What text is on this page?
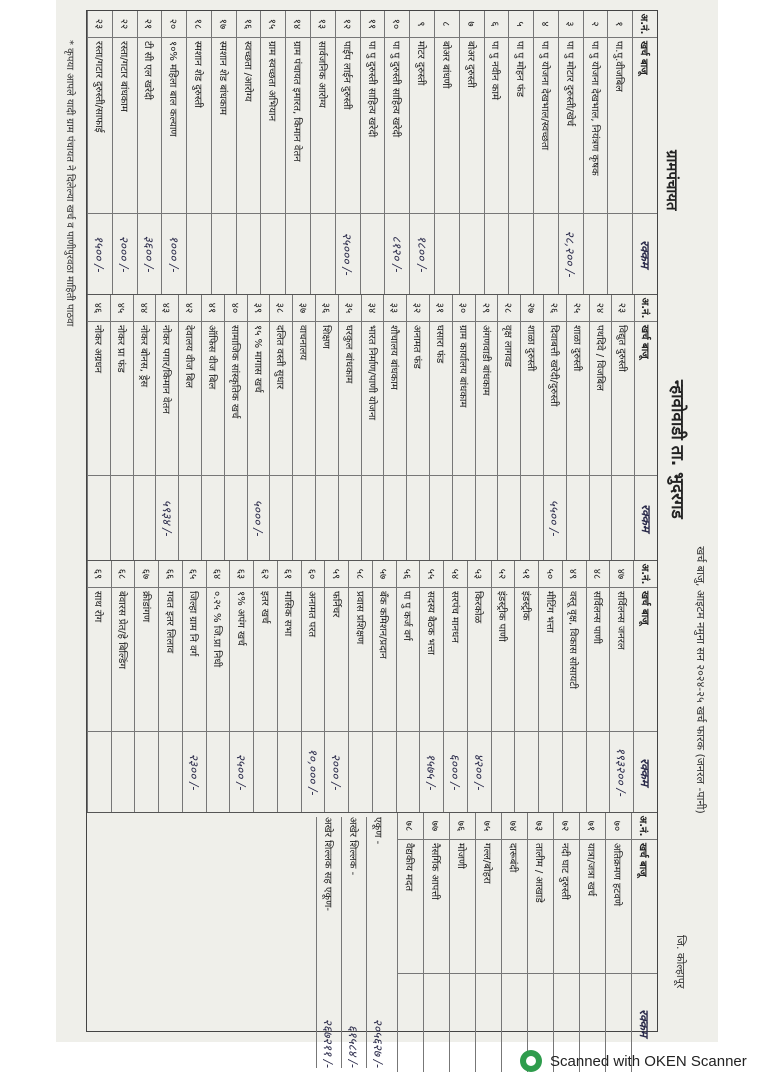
खर्च बाजु, आइटम नमुना सन २०२४-२५ खर्च फारक (जनरल -पानी)
ग्रामपंचायत
न्हावोवाडी ता. भुदरगड
जि. कोल्हापूर
अ.नं.
खर्च बाजू
रक्कम
१
पा.पु.वीजबिल
२
पा पु योजना देखभाल, नियंत्रण कृषक
३
पा पु मोटार दुरुस्ती/खेर्च
२८,२०० /-
४
पा पु योजना देखभाल/स्वच्छता
५
पा पु मोहन फंड
६
पा पु नवीन कामे
७
बोअर दुरुस्ती
८
बोअर बांधणी
९
मोटर दुरुस्ती
१८०० /-
१०
पा पु दुरुस्ती साहित्य खरेदी
८१२० /-
११
पा पु दुरुस्ती साहित्य खरेदी
१२
पाईप लाईन दुरुस्ती
२५००० /-
१३
सार्वजनिक आरोग्य
१४
ग्राम पंचायत इमारत, किमान वेतन
१५
ग्राम स्वच्छता अभियान
१६
स्वच्छता /आरोग्य
१७
स्मशान शेड बांधकाम
१८
स्मशान शेड दुरुस्ती
२०
१०% महिला बाल कल्याण
१००० /-
२१
टी सी एल खरेदी
३६०० /-
२२
रस्ता/गटार बांधकाम
२००० /-
२३
रस्ता/गटार दुरुस्ती/साफाई
१५०० /-
अ.नं.
खर्च बाजू
रक्कम
२३
विद्युत दुरुस्ती
२४
पथदिवे / विजबिल
२५
शाळा दुरुस्ती
२६
दिवाबत्ती खरेदी/दुरुस्ती
५५०० /-
२७
शाळा दुरुस्ती
२८
वृक्ष लागवड
२९
अंगणवाडी बांधकाम
३०
ग्राम कार्यालय बांधकाम
३१
घसारा फंड
३२
अनामत फंड
३३
शौचालय बांधकाम
३४
भारत निर्माण/पाणी योजना
३५
घरकुल बांधकाम
३६
शिक्षण
३७
वाचनालय
३८
दलित वस्ती सुधार
३९
१५ % मागास खर्च
५००० /-
४०
सामाजिक सांस्कृतिक खर्च
४१
ऑफिस वीज बिल
४२
देवालय वीज बिल
४३
नोकर पगार/किमान वेतन
५९३४ /-
४४
नोकर बोनस, ड्रेस
४५
नोकर प्रा फंड
४६
नोकर अग्रधन
अ.नं.
खर्च बाजू
रक्कम
४७
सर्विलन्स जनरल
१९३२०० /-
४८
सर्विलन्स पाणी
४९
वस्तू वृक्ष, विकास सोसायटी
५०
मीटिंग भत्ता
५१
इंडस्ट्रीक
५२
इंडस्ट्रीक पाणी
५३
किरकोळ
४२०० /-
५४
सरपंच मानधन
६००० /-
५५
सदस्य बैठक भत्ता
१५७५ /-
५६
पा पु कर्ज वर्ग
५७
बँक कमिशन/प्रदान
५८
प्रवास प्रशिक्षण
५९
फर्निचर
२००० /-
६०
अनामत परत
१०,००० /-
६१
मासिक सभा
६२
इतर खर्च
६३
१% अपंग खर्च
२५०० /-
६४
०.२५ % जि.प्रा निधी
६५
जिल्हा ग्राम नि वर्ग
२३०० /-
६६
गवत इतर लिलाव
६७
क्रीडांगण
६८
बेवारस प्रेत/हे बिल्डिंग
६९
साथ रोग
अ.नं.
खर्च बाजू
रक्कम
७०
अतिक्रमण हटवणे
७१
यात्रा/जत्रा खर्च
७२
नदी घाट दुरुस्ती
७३
तालीम / आखाडे
७४
दारूबंदी
७५
गल्ल/बोहरा
७६
मोजणी
७७
नैसर्गिक आपत्ती
७८
वैद्यकीय मदत
एकूण -
२०५६२७ /-
अखेर शिल्लक -
६१५८४ /-
अखेर शिल्लक सह एकूण-
२६७२११ /-
* कृपया आपले यादी ग्राम पंचायत ने दिलेल्या खर्च व पाणीपुरवठा माहिती पाठवा
Scanned with OKEN Scanner
